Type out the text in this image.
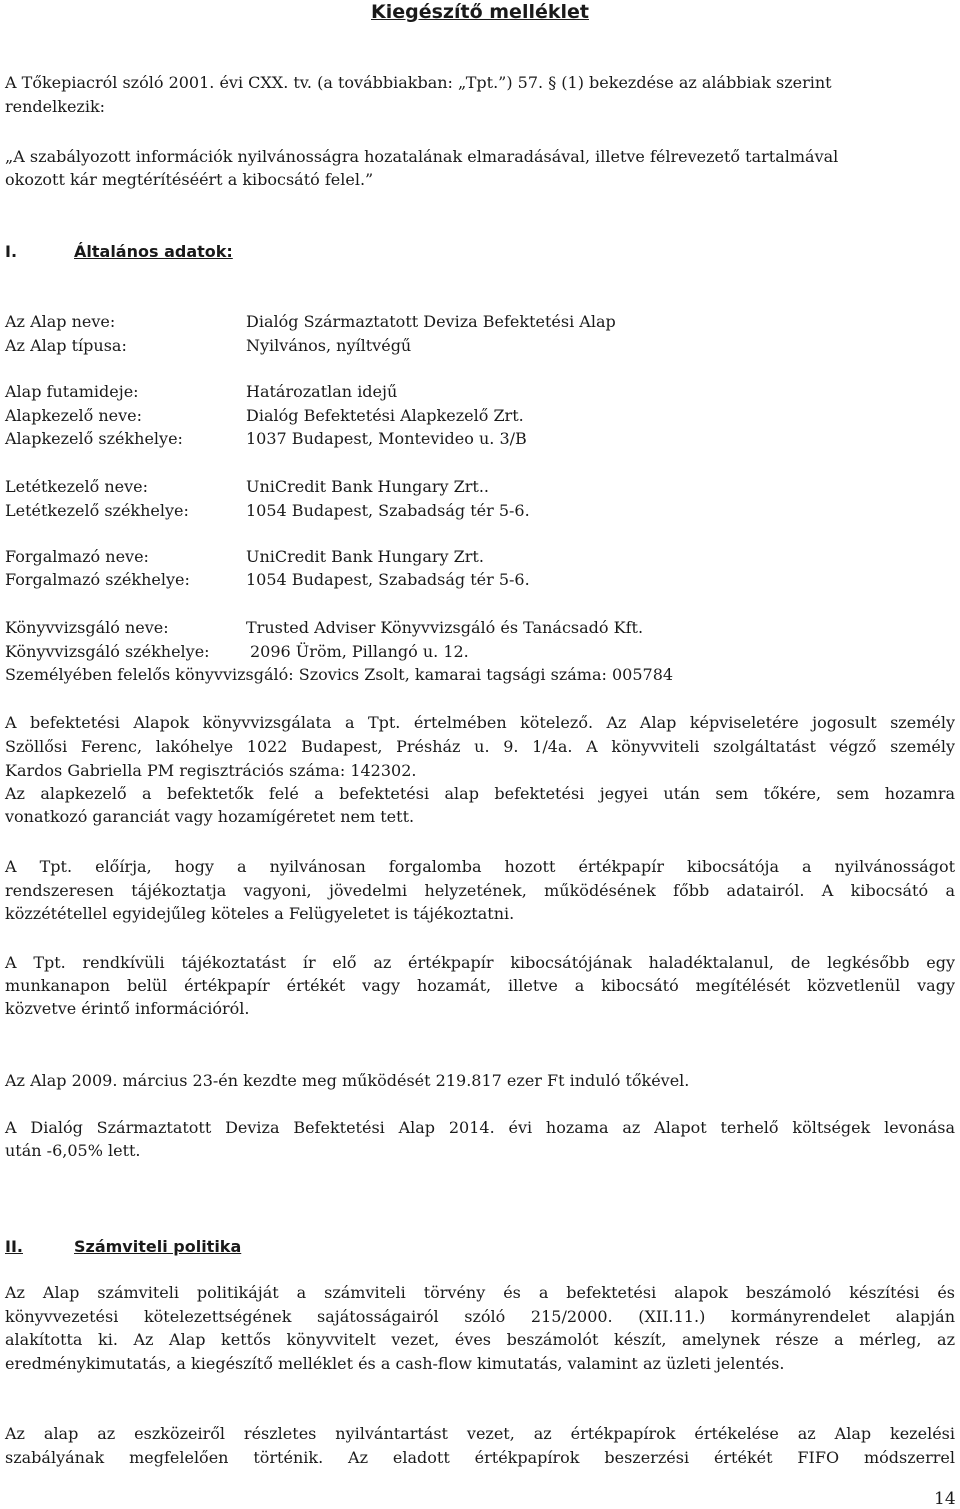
Kiegészítő melléklet
A Tőkepiacról szóló 2001. évi CXX. tv. (a továbbiakban: „Tpt.”) 57. § (1) bekezdése az alábbiak szerint
rendelkezik:
„A szabályozott információk nyilvánosságra hozatalának elmaradásával, illetve félrevezető tartalmával
okozott kár megtérítéséért a kibocsátó felel.”
I.	Általános adatok:
Az Alap neve:	Dialóg Származtatott Deviza Befektetési Alap
Az Alap típusa:	Nyilvános, nyíltvégű
Alap futamideje:	Határozatlan idejű
Alapkezelő neve:	Dialóg Befektetési Alapkezelő Zrt.
Alapkezelő székhelye:	1037 Budapest, Montevideo u. 3/B
Letétkezelő neve:	UniCredit Bank Hungary Zrt..
Letétkezelő székhelye:	1054 Budapest, Szabadság tér 5-6.
Forgalmazó neve:	UniCredit Bank Hungary Zrt.
Forgalmazó székhelye:	1054 Budapest, Szabadság tér 5-6.
Könyvvizsgáló neve:	Trusted Adviser Könyvvizsgáló és Tanácsadó Kft.
Könyvvizsgáló székhelye:	2096 Üröm, Pillangó u. 12.
Személyében felelős könyvvizsgáló: Szovics Zsolt, kamarai tagsági száma: 005784
A befektetési Alapok könyvvizsgálata a Tpt. értelmében kötelező. Az Alap képviseletére jogosult személy
Szöllősi Ferenc, lakóhelye 1022 Budapest, Présház u. 9. 1/4a. A könyvviteli szolgáltatást végző személy
Kardos Gabriella PM regisztrációs száma: 142302.
Az alapkezelő a befektetők felé a befektetési alap befektetési jegyei után sem tőkére, sem hozamra
vonatkozó garanciát vagy hozamígéretet nem tett.
A Tpt. előírja, hogy a nyilvánosan forgalomba hozott értékpapír kibocsátója a nyilvánosságot
rendszeresen tájékoztatja vagyoni, jövedelmi helyzetének, működésének főbb adatairól. A kibocsátó a
közzététellel egyidejűleg köteles a Felügyeletet is tájékoztatni.
A Tpt. rendkívüli tájékoztatást ír elő az értékpapír kibocsátójának haladéktalanul, de legkésőbb egy
munkanapon belül értékpapír értékét vagy hozamát, illetve a kibocsátó megítélését közvetlenül vagy
közvetve érintő információról.
Az Alap 2009. március 23-én kezdte meg működését 219.817 ezer Ft induló tőkével.
A Dialóg Származtatott Deviza Befektetési Alap 2014. évi hozama az Alapot terhelő költségek levonása
után -6,05% lett.
II.	Számviteli politika
Az Alap számviteli politikáját a számviteli törvény és a befektetési alapok beszámoló készítési és
könyvvezetési kötelezettségének sajátosságairól szóló 215/2000. (XII.11.) kormányrendelet alapján
alakította ki. Az Alap kettős könyvvitelt vezet, éves beszámolót készít, amelynek része a mérleg, az
eredménykimutatás, a kiegészítő melléklet és a cash-flow kimutatás, valamint az üzleti jelentés.
Az alap az eszközeiről részletes nyilvántartást vezet, az értékpapírok értékelése az Alap kezelési
szabályának megfelelően történik. Az eladott értékpapírok beszerzési értékét FIFO módszerrel
14
